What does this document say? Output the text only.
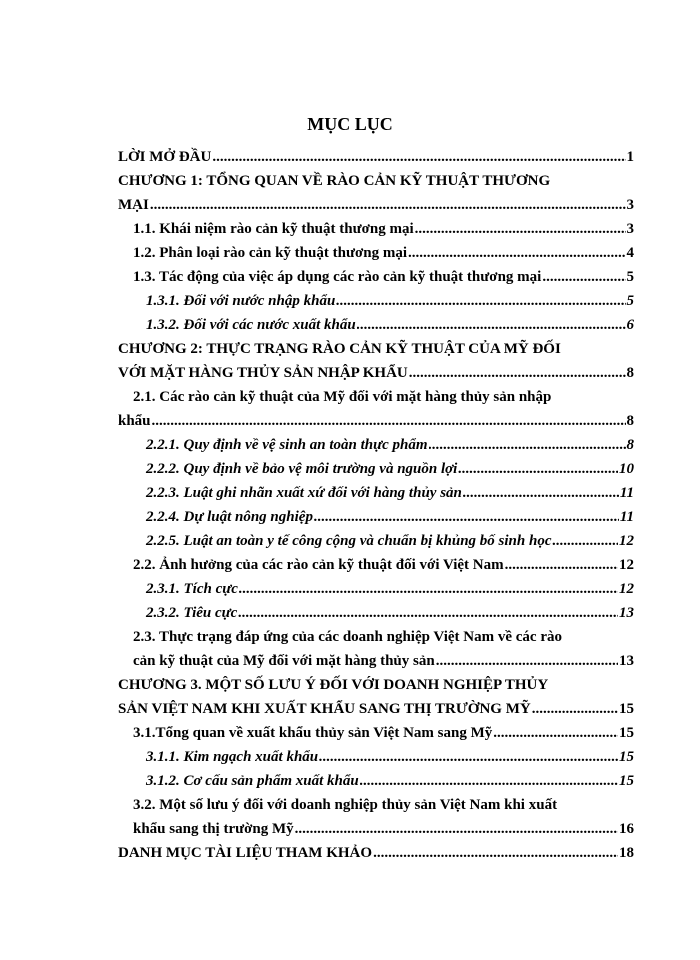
MỤC LỤC
LỜI MỞ ĐẦU .....	1
CHƯƠNG 1: TỔNG QUAN VỀ RÀO CẢN KỸ THUẬT THƯƠNG
MẠI .....	3
1.1. Khái niệm rào cản kỹ thuật thương mại .....	3
1.2. Phân loại rào cản kỹ thuật thương mại .....	4
1.3. Tác động của việc áp dụng các rào cản kỹ thuật thương mại .....	5
1.3.1. Đối với nước nhập khẩu .....	5
1.3.2. Đối với các nước xuất khẩu .....	6
CHƯƠNG 2: THỰC TRẠNG RÀO CẢN KỸ THUẬT CỦA MỸ ĐỐI
VỚI MẶT HÀNG THỦY SẢN NHẬP KHẨU .....	8
2.1. Các rào cản kỹ thuật của Mỹ đối với mặt hàng thủy sản nhập
khẩu .....	8
2.2.1. Quy định về vệ sinh an toàn thực phẩm .....	8
2.2.2. Quy định về bảo vệ môi trường và nguồn lợi .....	10
2.2.3. Luật ghi nhãn xuất xứ đối với hàng thủy sản .....	11
2.2.4. Dự luật nông nghiệp .....	11
2.2.5. Luật an toàn y tế công cộng và chuẩn bị khủng bố sinh học .....	12
2.2. Ảnh hưởng của các rào cản kỹ thuật đối với Việt Nam .....	12
2.3.1. Tích cực .....	12
2.3.2. Tiêu cực .....	13
2.3. Thực trạng đáp ứng của các doanh nghiệp Việt Nam về các rào
cản kỹ thuật của Mỹ đối với mặt hàng thủy sản .....	13
CHƯƠNG 3. MỘT SỐ LƯU Ý ĐỐI VỚI DOANH NGHIỆP THỦY
SẢN VIỆT NAM KHI XUẤT KHẨU SANG THỊ TRƯỜNG MỸ .....	15
3.1.Tổng quan về xuất khẩu thủy sản Việt Nam sang Mỹ .....	15
3.1.1. Kim ngạch xuất khẩu .....	15
3.1.2. Cơ cấu sản phẩm xuất khẩu .....	15
3.2. Một số lưu ý đối với doanh nghiệp thủy sản Việt Nam khi xuất
khẩu sang thị trường Mỹ .....	16
DANH MỤC TÀI LIỆU THAM KHẢO .....	18
